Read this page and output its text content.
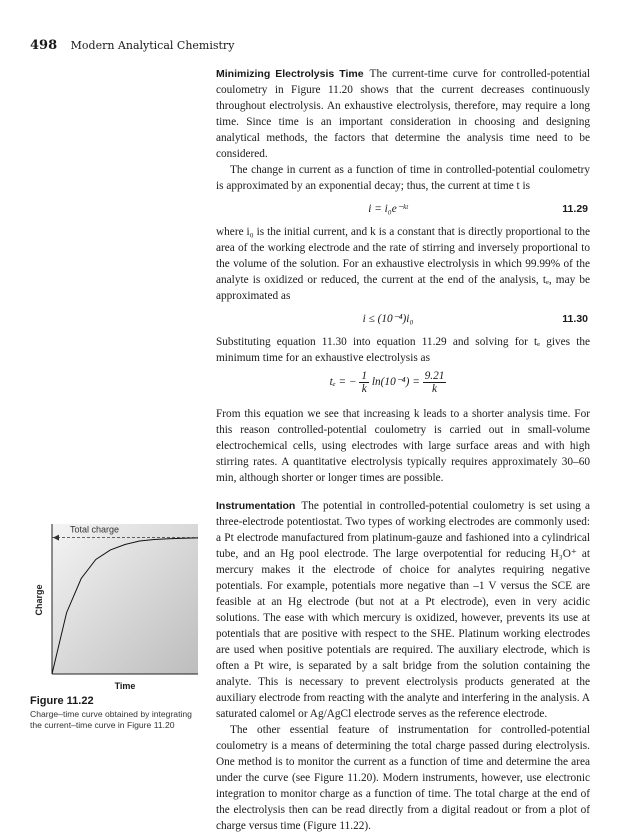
498 Modern Analytical Chemistry

Minimizing Electrolysis Time The current-time curve for controlled-potential coulometry in Figure 11.20 shows that the current decreases continuously throughout electrolysis. An exhaustive electrolysis, therefore, may require a long time. Since time is an important consideration in choosing and designing analytical methods, the factors that determine the analysis time need to be considered.

The change in current as a function of time in controlled-potential coulometry is approximated by an exponential decay; thus, the current at time t is

i = i₀e⁻ᵏᵗ	11.29

where i₀ is the initial current, and k is a constant that is directly proportional to the area of the working electrode and the rate of stirring and inversely proportional to the volume of the solution. For an exhaustive electrolysis in which 99.99% of the analyte is oxidized or reduced, the current at the end of the analysis, tₑ, may be approximated as

i ≤ (10⁻⁴)i₀	11.30

Substituting equation 11.30 into equation 11.29 and solving for tₑ gives the minimum time for an exhaustive electrolysis as

tₑ = − $\frac{1}{k} \ln(10^{-4}) = \frac{9.21}{k}$

From this equation we see that increasing k leads to a shorter analysis time. For this reason controlled-potential coulometry is carried out in small-volume electrochemical cells, using electrodes with large surface areas and with high stirring rates. A quantitative electrolysis typically requires approximately 30–60 min, although shorter or longer times are possible.

Instrumentation The potential in controlled-potential coulometry is set using a three-electrode potentiostat. Two types of working electrodes are commonly used: a Pt electrode manufactured from platinum-gauze and fashioned into a cylindrical tube, and an Hg pool electrode. The large overpotential for reducing H₃O⁺ at mercury makes it the electrode of choice for analytes requiring negative potentials. For example, potentials more negative than –1 V versus the SCE are feasible at an Hg electrode (but not at a Pt electrode), even in very acidic solutions. The ease with which mercury is oxidized, however, prevents its use at potentials that are positive with respect to the SHE. Platinum working electrodes are used when positive potentials are required. The auxiliary electrode, which is often a Pt wire, is separated by a salt bridge from the solution containing the analyte. This is necessary to prevent electrolysis products generated at the auxiliary electrode from reacting with the analyte and interfering in the analysis. A saturated calomel or Ag/AgCl electrode serves as the reference electrode.

The other essential feature of instrumentation for controlled-potential coulometry is a means of determining the total charge passed during electrolysis. One method is to monitor the current as a function of time and determine the area under the curve (see Figure 11.20). Modern instruments, however, use electronic integration to monitor charge as a function of time. The total charge at the end of the electrolysis then can be read directly from a digital readout or from a plot of charge versus time (Figure 11.22).

Total charge
Charge
Time
Figure 11.22
Charge–time curve obtained by integrating the current–time curve in Figure 11.20
